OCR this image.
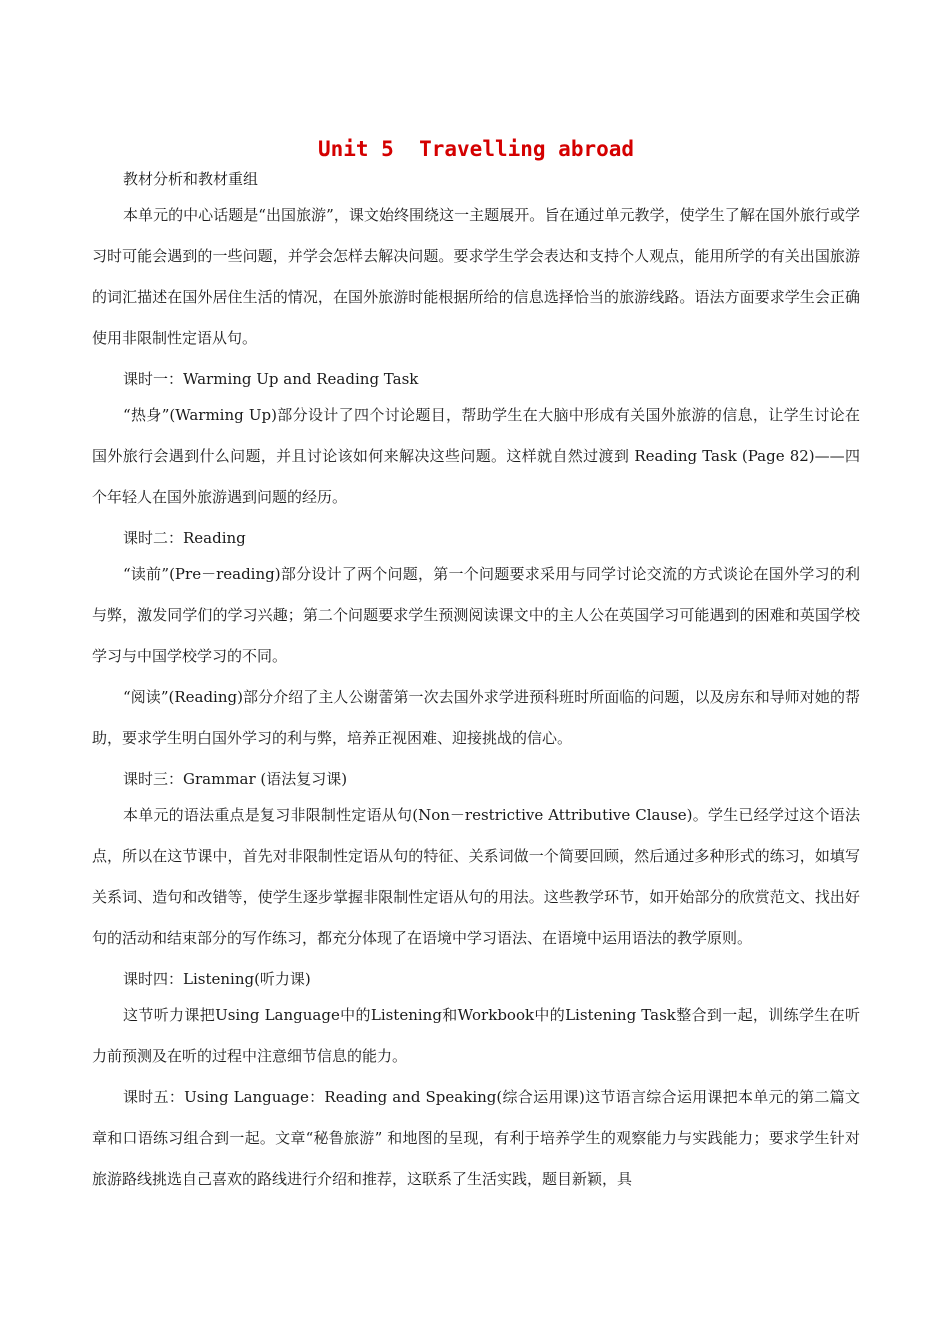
Unit 5  Travelling abroad

教材分析和教材重组

本单元的中心话题是“出国旅游”，课文始终围绕这一主题展开。旨在通过单元教学，使学生了解在国外旅行或学习时可能会遇到的一些问题，并学会怎样去解决问题。要求学生学会表达和支持个人观点，能用所学的有关出国旅游的词汇描述在国外居住生活的情况，在国外旅游时能根据所给的信息选择恰当的旅游线路。语法方面要求学生会正确使用非限制性定语从句。

课时一：Warming Up and Reading Task

“热身”(Warming Up)部分设计了四个讨论题目，帮助学生在大脑中形成有关国外旅游的信息，让学生讨论在国外旅行会遇到什么问题，并且讨论该如何来解决这些问题。这样就自然过渡到 Reading Task (Page 82)——四个年轻人在国外旅游遇到问题的经历。

课时二：Reading

“读前”(Pre－reading)部分设计了两个问题，第一个问题要求采用与同学讨论交流的方式谈论在国外学习的利与弊，激发同学们的学习兴趣；第二个问题要求学生预测阅读课文中的主人公在英国学习可能遇到的困难和英国学校学习与中国学校学习的不同。

“阅读”(Reading)部分介绍了主人公谢蕾第一次去国外求学进预科班时所面临的问题，以及房东和导师对她的帮助，要求学生明白国外学习的利与弊，培养正视困难、迎接挑战的信心。

课时三：Grammar (语法复习课)

本单元的语法重点是复习非限制性定语从句(Non－restrictive Attributive Clause)。学生已经学过这个语法点，所以在这节课中，首先对非限制性定语从句的特征、关系词做一个简要回顾，然后通过多种形式的练习，如填写关系词、造句和改错等，使学生逐步掌握非限制性定语从句的用法。这些教学环节，如开始部分的欣赏范文、找出好句的活动和结束部分的写作练习，都充分体现了在语境中学习语法、在语境中运用语法的教学原则。

课时四：Listening(听力课)

这节听力课把Using Language中的Listening和Workbook中的Listening Task整合到一起，训练学生在听力前预测及在听的过程中注意细节信息的能力。

课时五：Using Language：Reading and Speaking(综合运用课)这节语言综合运用课把本单元的第二篇文章和口语练习组合到一起。文章“秘鲁旅游” 和地图的呈现，有利于培养学生的观察能力与实践能力；要求学生针对旅游路线挑选自己喜欢的路线进行介绍和推荐，这联系了生活实践，题目新颖，具
